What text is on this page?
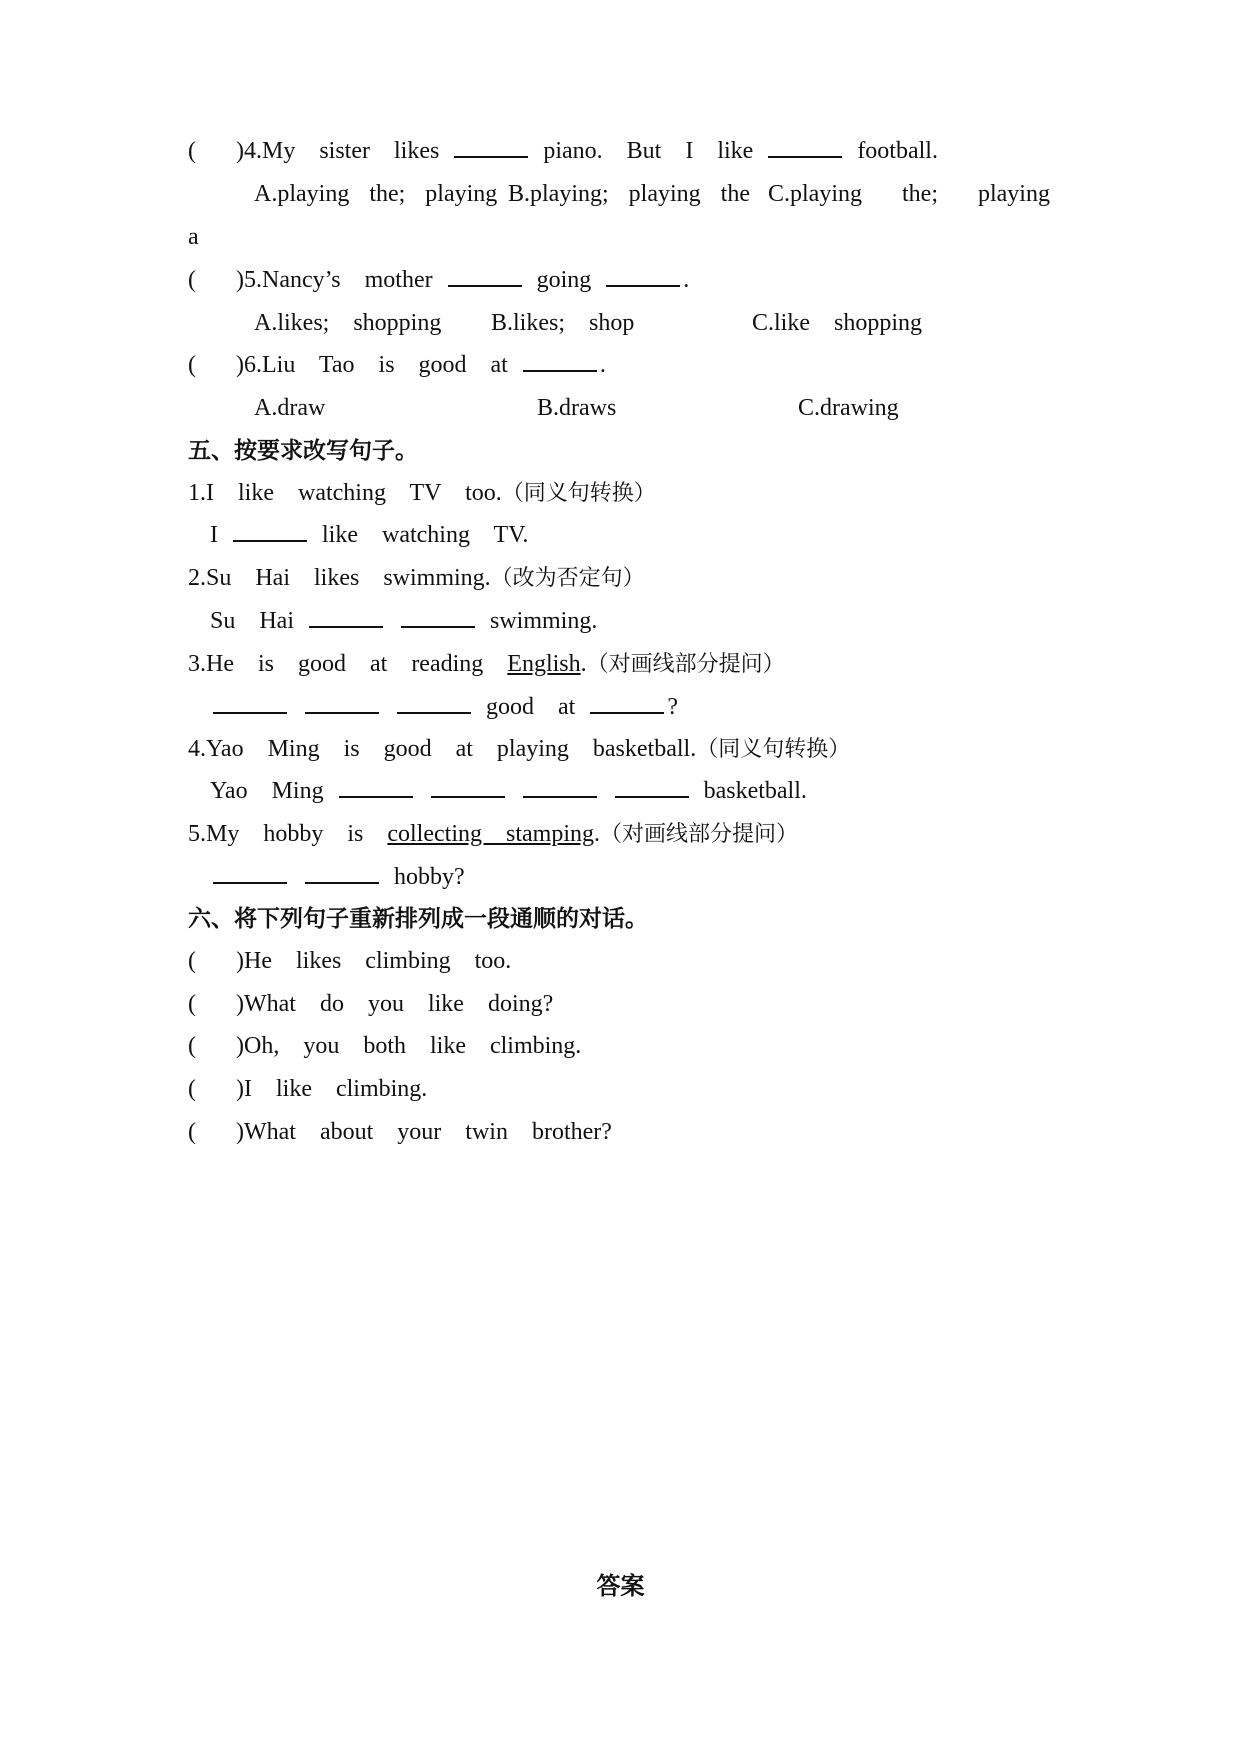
( )4.My  sister  likes	piano.  But  I  like	football.
A.playing  the;  playing B.playing;  playing  the C.playing    the;    playing
a
( )5.Nancy’s  mother	going	.
A.likes;  shopping B.likes;  shop	C.like  shopping
( )6.Liu  Tao  is  good  at	.
A.draw	B.draws	C.drawing
五、按要求改写句子。
1.I  like  watching  TV  too.（同义句转换）
I	like  watching  TV.
2.Su  Hai  likes  swimming.（改为否定句）
Su  Hai	swimming.
3.He  is  good  at  reading  English.（对画线部分提问）
good  at	?
4.Yao  Ming  is  good  at  playing  basketball.（同义句转换）
Yao  Ming	basketball.
5.My  hobby  is  collecting  stamping.（对画线部分提问）
hobby?
六、将下列句子重新排列成一段通顺的对话。
( )He  likes  climbing  too.
( )What  do  you  like  doing?
( )Oh,  you  both  like  climbing.
( )I  like  climbing.
( )What  about  your  twin  brother?
答案
